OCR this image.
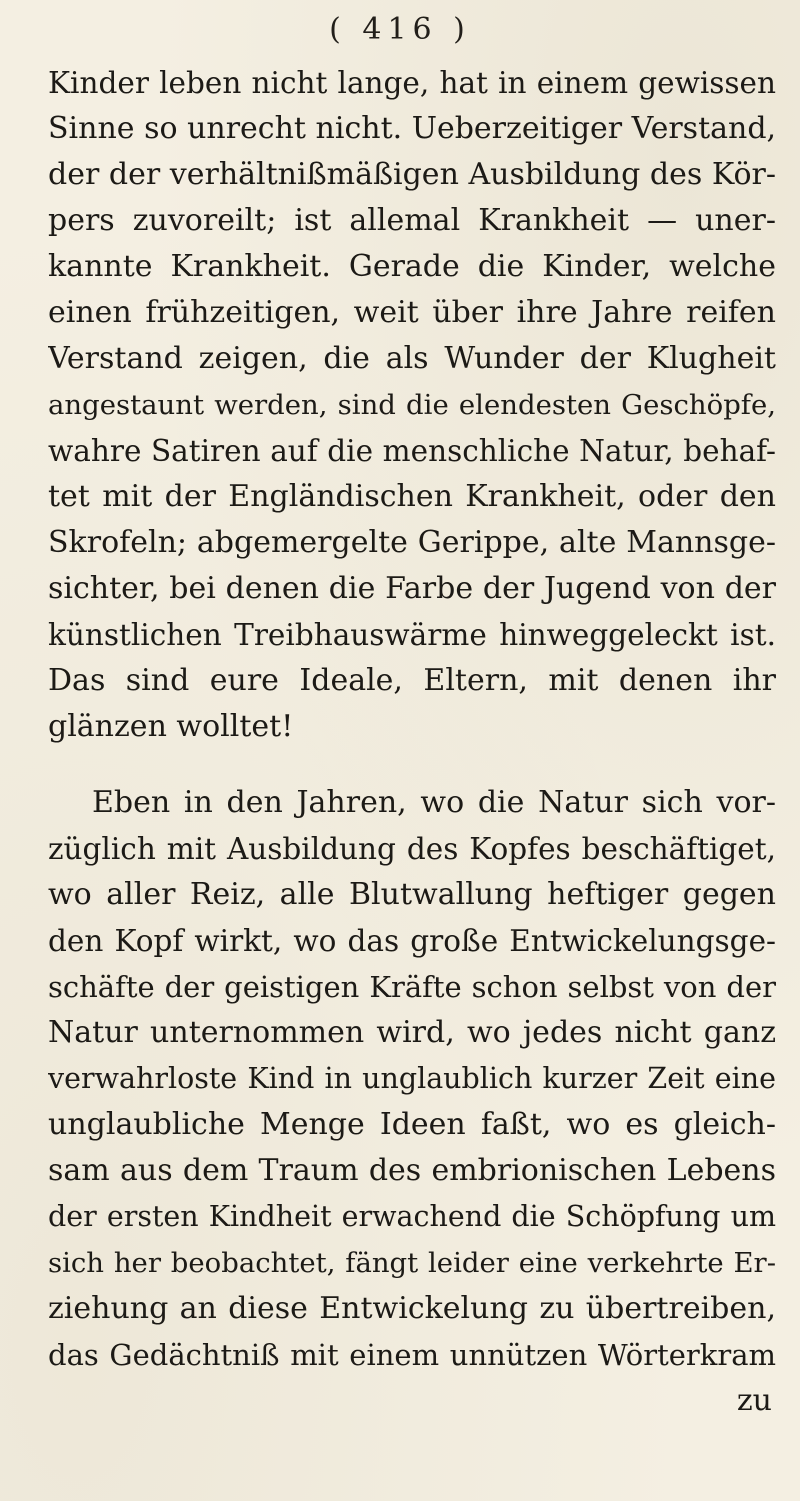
( 416 )
Kinder leben nicht lange, hat in einem gewissen
Sinne so unrecht nicht. Ueberzeitiger Verstand,
der der verhältnißmäßigen Ausbildung des Kör-
pers zuvoreilt; ist allemal Krankheit — uner-
kannte Krankheit. Gerade die Kinder, welche
einen frühzeitigen, weit über ihre Jahre reifen
Verstand zeigen, die als Wunder der Klugheit
angestaunt werden, sind die elendesten Geschöpfe,
wahre Satiren auf die menschliche Natur, behaf-
tet mit der Engländischen Krankheit, oder den
Skrofeln; abgemergelte Gerippe, alte Mannsge-
sichter, bei denen die Farbe der Jugend von der
künstlichen Treibhauswärme hinweggeleckt ist.
Das sind eure Ideale, Eltern, mit denen ihr
glänzen wolltet!
Eben in den Jahren, wo die Natur sich vor-
züglich mit Ausbildung des Kopfes beschäftiget,
wo aller Reiz, alle Blutwallung heftiger gegen
den Kopf wirkt, wo das große Entwickelungsge-
schäfte der geistigen Kräfte schon selbst von der
Natur unternommen wird, wo jedes nicht ganz
verwahrloste Kind in unglaublich kurzer Zeit eine
unglaubliche Menge Ideen faßt, wo es gleich-
sam aus dem Traum des embrionischen Lebens
der ersten Kindheit erwachend die Schöpfung um
sich her beobachtet, fängt leider eine verkehrte Er-
ziehung an diese Entwickelung zu übertreiben,
das Gedächtniß mit einem unnützen Wörterkram
zu
